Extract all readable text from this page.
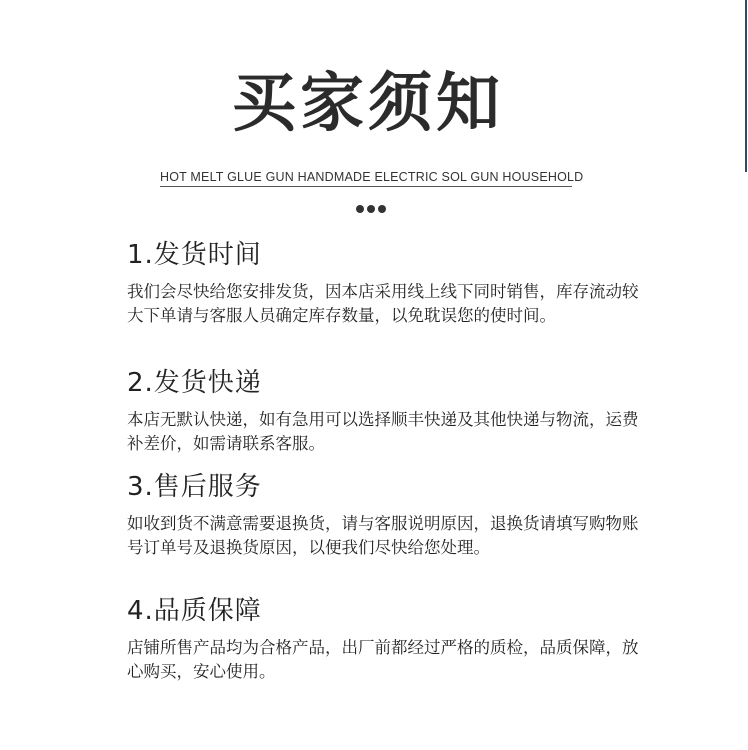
买家须知
HOT MELT GLUE GUN HANDMADE ELECTRIC SOL GUN HOUSEHOLD

1.发货时间

我们会尽快给您安排发货，因本店采用线上线下同时销售，库存流动较大下单请与客服人员确定库存数量，以免耽误您的使时间。

2.发货快递

本店无默认快递，如有急用可以选择顺丰快递及其他快递与物流，运费补差价，如需请联系客服。

3.售后服务

如收到货不满意需要退换货，请与客服说明原因，退换货请填写购物账号订单号及退换货原因，以便我们尽快给您处理。

4.品质保障

店铺所售产品均为合格产品，出厂前都经过严格的质检，品质保障，放心购买，安心使用。
